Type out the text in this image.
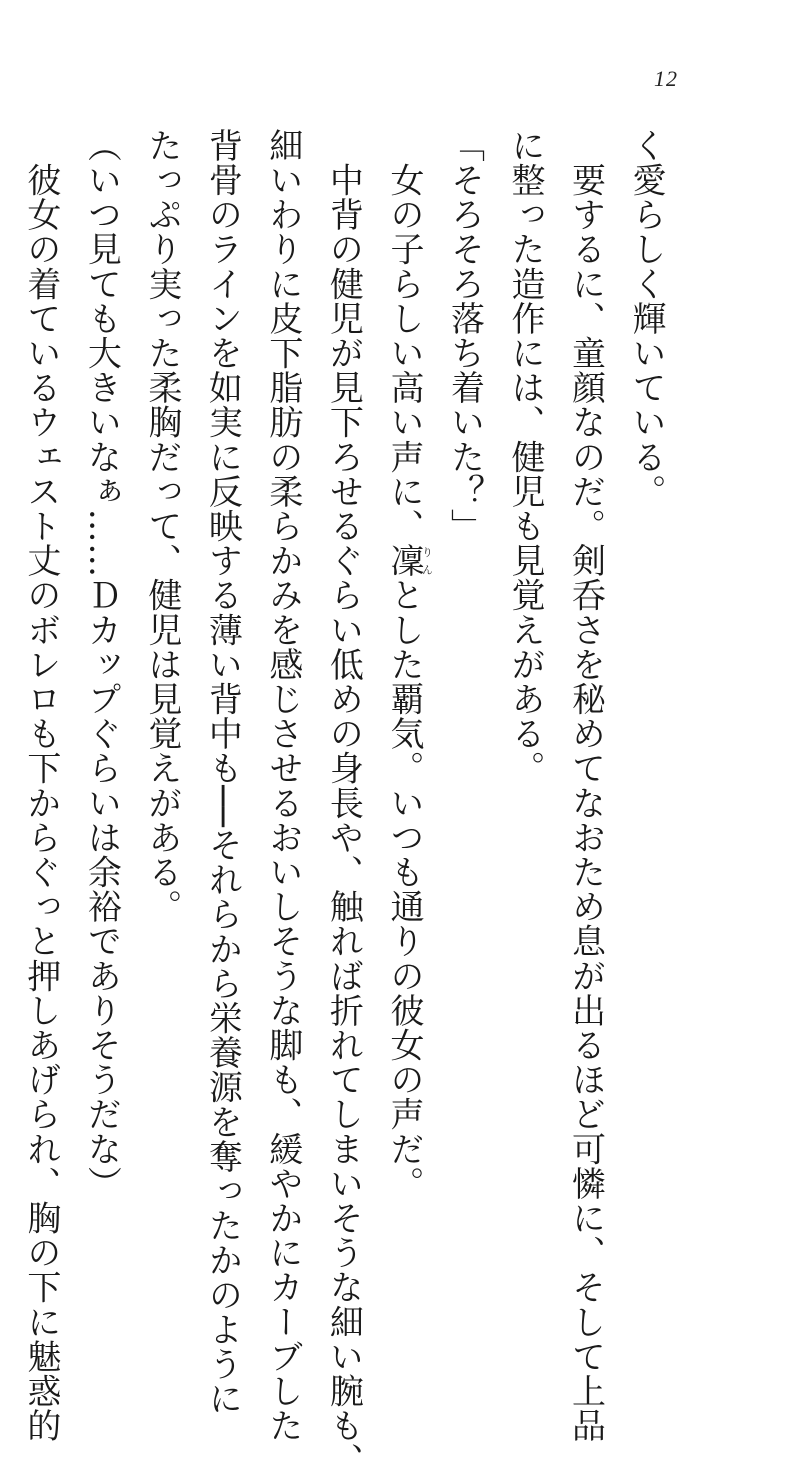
12
く愛らしく輝いている。
　要するに、童顔なのだ。剣呑さを秘めてなおため息が出るほど可憐に、そして上品
に整った造作には、健児も見覚えがある。
「そろそろ落ち着いた？」
　女の子らしい高い声に、凜りんとした覇気。いつも通りの彼女の声だ。
　中背の健児が見下ろせるぐらい低めの身長や、触れば折れてしまいそうな細い腕も、
細いわりに皮下脂肪の柔らかみを感じさせるおいしそうな脚も、緩やかにカーブした
背骨のラインを如実に反映する薄い背中も──それらから栄養源を奪ったかのように
たっぷり実った柔胸だって、健児は見覚えがある。
（いつ見ても大きいなぁ……Ｄカップぐらいは余裕でありそうだな）
　彼女の着ているウェスト丈のボレロも下からぐっと押しあげられ、胸の下に魅惑的
